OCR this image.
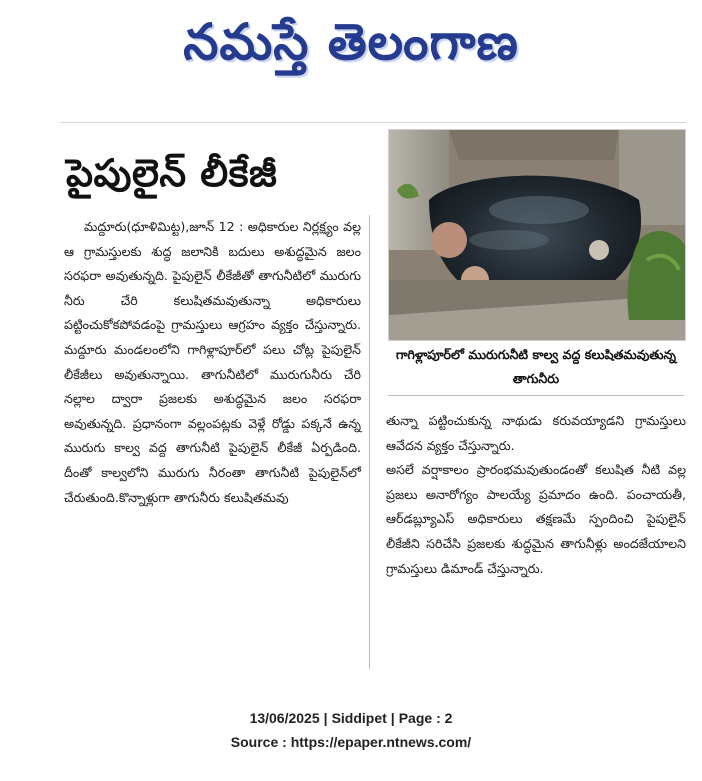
నమస్తే తెలంగాణ
పైపులైన్ లీకేజీ

మద్దూరు(ధూళిమిట్ట),జూన్ 12 : అధికారుల నిర్లక్ష్యం వల్ల ఆ గ్రామస్తులకు శుద్ధ జలానికి బదులు అశుద్ధమైన జలం సరఫరా అవుతున్నది. పైపులైన్ లీకేజీతో తాగునీటిలో మురుగు నీరు చేరి కలుషితమవుతున్నా అధికారులు పట్టించుకోకపోవడంపై గ్రామస్తులు ఆగ్రహం వ్యక్తం చేస్తున్నారు. మద్దూరు మండలంలోని గాగిళ్లాపూర్‌లో పలు చోట్ల పైపులైన్ లీకేజీలు అవుతున్నాయి. తాగునీటిలో మురుగునీరు చేరి నల్లాల ద్వారా ప్రజలకు అశుద్ధమైన జలం సరఫరా అవుతున్నది. ప్రధానంగా వల్లంపట్లకు వెళ్లే రోడ్డు పక్కనే ఉన్న మురుగు కాల్వ వద్ద తాగునీటి పైపులైన్ లీకేజీ ఏర్పడింది. దీంతో కాల్వలోని మురుగు నీరంతా తాగునీటి పైపులైన్‌లో చేరుతుంది.కొన్నాళ్లుగా తాగునీరు కలుషితమవు

గాగిళ్లాపూర్‌లో మురుగునీటి కాల్వ వద్ద కలుషితమవుతున్న తాగునీరు

తున్నా పట్టించుకున్న నాథుడు కరువయ్యాడని గ్రామస్తులు ఆవేదన వ్యక్తం చేస్తున్నారు.

అసలే వర్షాకాలం ప్రారంభమవుతుండంతో కలుషిత నీటి వల్ల ప్రజలు అనారోగ్యం పాలయ్యే ప్రమాదం ఉంది. పంచాయతీ, ఆర్‌డబ్ల్యూఎస్ అధికారులు తక్షణమే స్పందించి పైపులైన్ లీకేజీని సరిచేసి ప్రజలకు శుద్ధమైన తాగునీళ్లు అందజేయాలని గ్రామస్తులు డిమాండ్ చేస్తున్నారు.

13/06/2025 | Siddipet | Page : 2
Source : https://epaper.ntnews.com/
